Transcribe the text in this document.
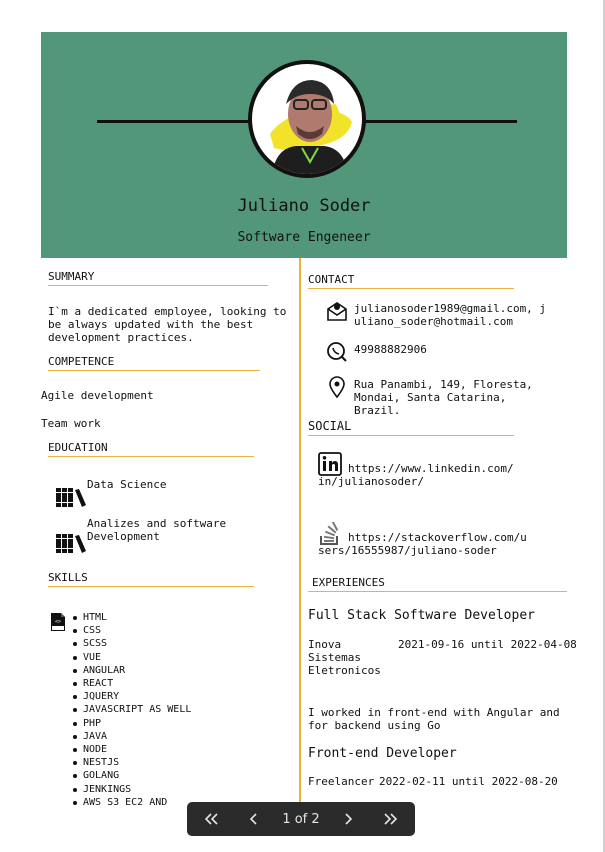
Juliano Soder
Software Engeneer
SUMMARY
I`m a dedicated employee, looking to be always updated with the best development practices.
COMPETENCE
Agile development
Team work
EDUCATION
Data Science
Analizes and software Development
SKILLS
<>	HTML
CSS
SCSS
VUE
ANGULAR
REACT
JQUERY
JAVASCRIPT AS WELL
PHP
JAVA
NODE
NESTJS
GOLANG
JENKINGS
AWS S3 EC2 AND
CONTACT
julianosoder1989@gmail.com, juliano_soder@hotmail.com
49988882906
Rua Panambi, 149, Floresta, Mondai, Santa Catarina, Brazil.
SOCIAL
https://www.linkedin.com/in/julianosoder/
https://stackoverflow.com/users/16555987/juliano-soder
EXPERIENCES
Full Stack Software Developer
Inova Sistemas Eletronicos
2021-09-16 until 2022-04-08
I worked in front-end with Angular and for backend using Go
Front-end Developer
Freelancer 2022-02-11 until 2022-08-20
1 of 2
